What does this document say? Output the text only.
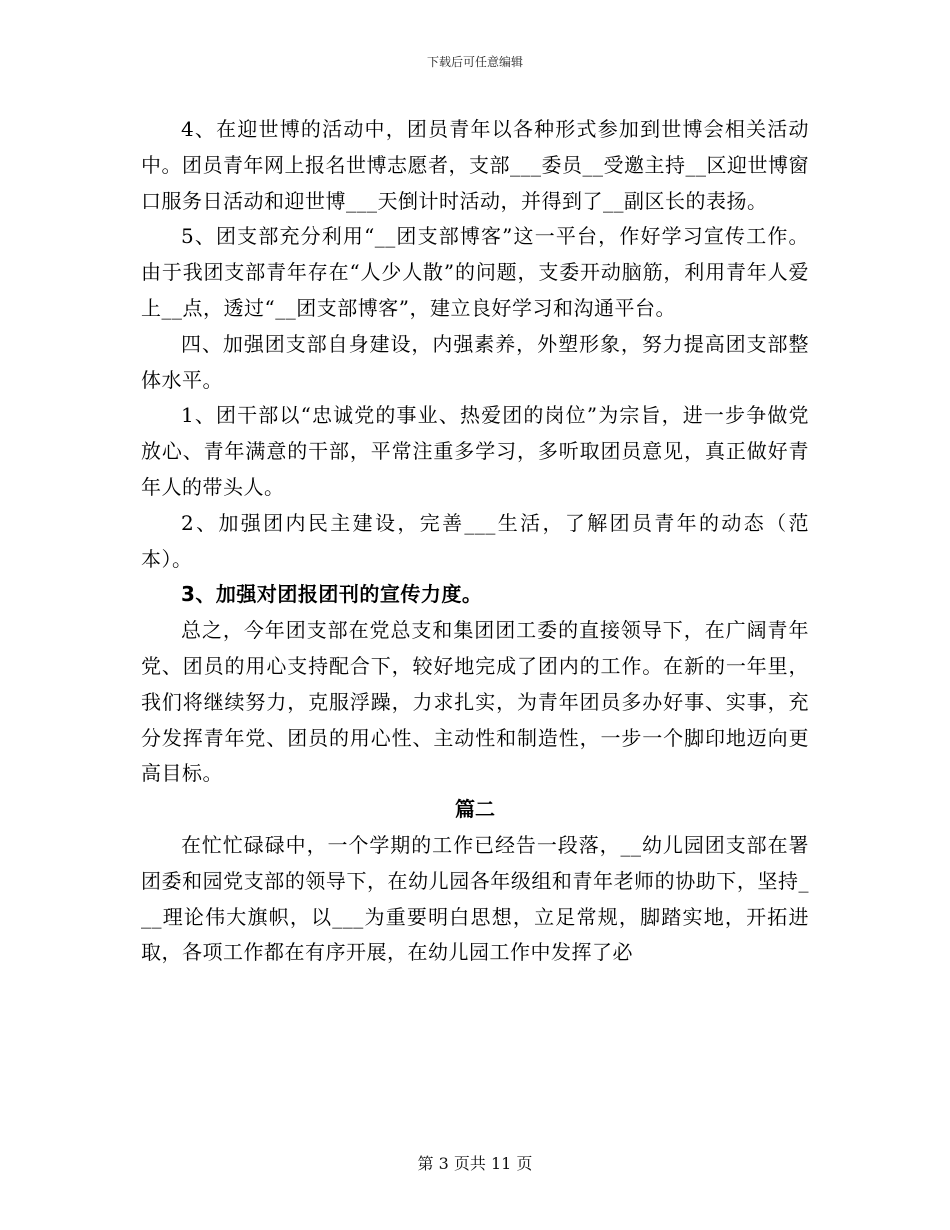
下载后可任意编辑

4、在迎世博的活动中，团员青年以各种形式参加到世博会相关活动中。团员青年网上报名世博志愿者，支部___委员__受邀主持__区迎世博窗口服务日活动和迎世博___天倒计时活动，并得到了__副区长的表扬。

5、团支部充分利用“__团支部博客”这一平台，作好学习宣传工作。由于我团支部青年存在“人少人散”的问题，支委开动脑筋，利用青年人爱上__点，透过“__团支部博客”，建立良好学习和沟通平台。

四、加强团支部自身建设，内强素养，外塑形象，努力提高团支部整体水平。

1、团干部以“忠诚党的事业、热爱团的岗位”为宗旨，进一步争做党放心、青年满意的干部，平常注重多学习，多听取团员意见，真正做好青年人的带头人。

2、加强团内民主建设，完善___生活，了解团员青年的动态（范本）。

3、加强对团报团刊的宣传力度。

总之，今年团支部在党总支和集团团工委的直接领导下，在广阔青年党、团员的用心支持配合下，较好地完成了团内的工作。在新的一年里，我们将继续努力，克服浮躁，力求扎实，为青年团员多办好事、实事，充分发挥青年党、团员的用心性、主动性和制造性，一步一个脚印地迈向更高目标。

篇二

在忙忙碌碌中，一个学期的工作已经告一段落，__幼儿园团支部在署团委和园党支部的领导下，在幼儿园各年级组和青年老师的协助下，坚持___理论伟大旗帜，以___为重要明白思想，立足常规，脚踏实地，开拓进取，各项工作都在有序开展，在幼儿园工作中发挥了必

第 3 页共 11 页
